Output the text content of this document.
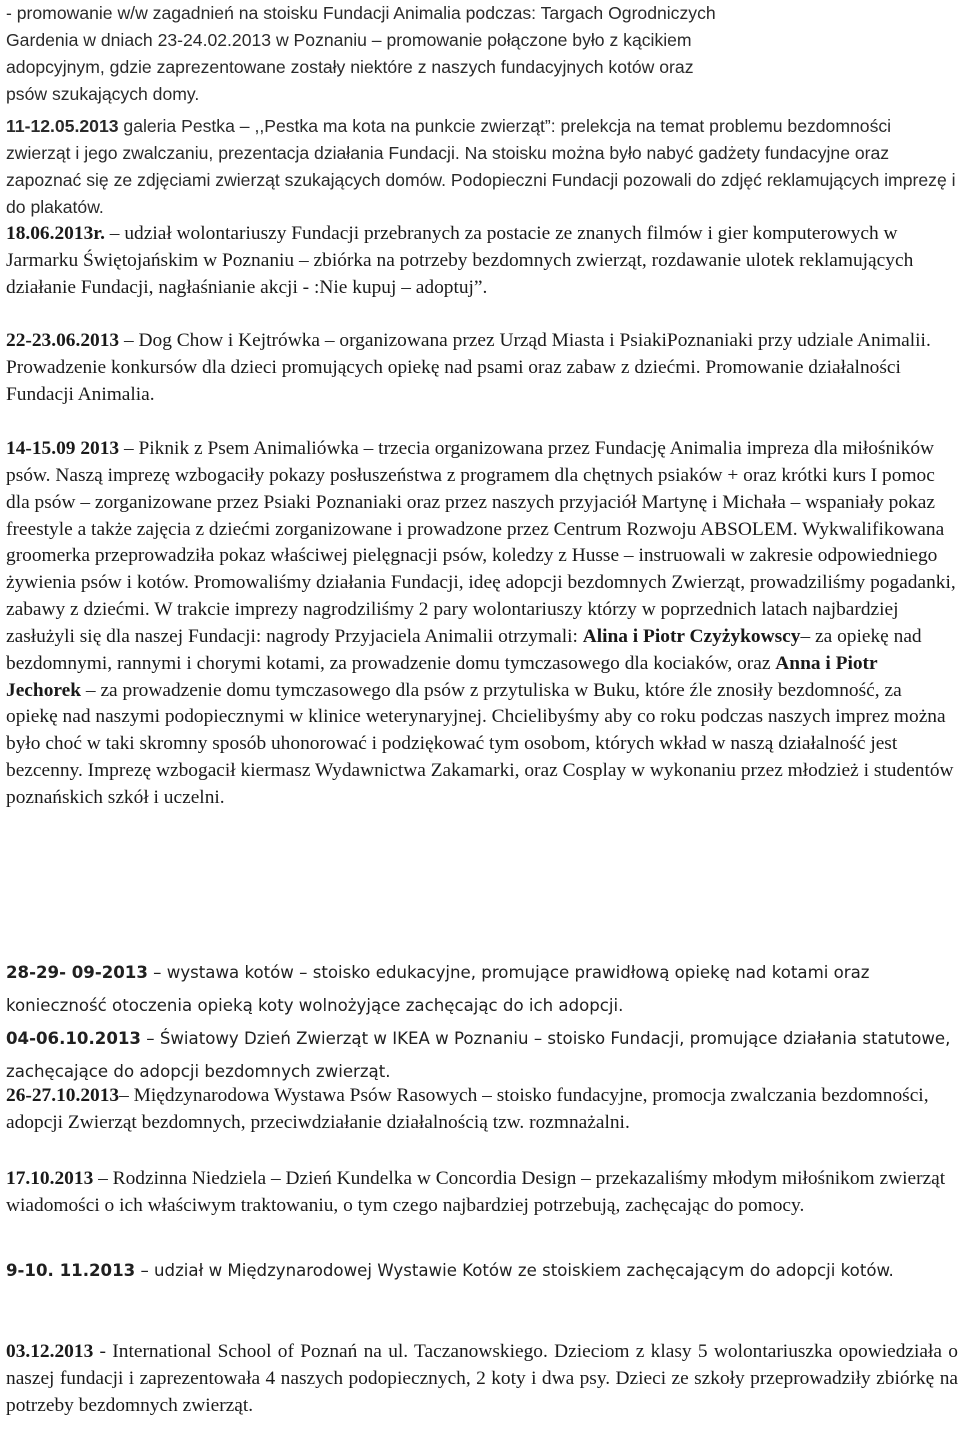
- promowanie w/w zagadnień na stoisku Fundacji Animalia podczas: Targach Ogrodniczych Gardenia w dniach 23-24.02.2013 w Poznaniu – promowanie połączone było z kącikiem adopcyjnym, gdzie zaprezentowane zostały niektóre z naszych fundacyjnych kotów oraz psów szukających domy.

11-12.05.2013 galeria Pestka – ,,Pestka ma kota na punkcie zwierząt”: prelekcja na temat problemu bezdomności zwierząt i jego zwalczaniu, prezentacja działania Fundacji. Na stoisku można było nabyć gadżety fundacyjne oraz zapoznać się ze zdjęciami zwierząt szukających domów. Podopieczni Fundacji pozowali do zdjęć reklamujących imprezę i do plakatów.

18.06.2013r. – udział wolontariuszy Fundacji przebranych za postacie ze znanych filmów i gier komputerowych w Jarmarku Świętojańskim w Poznaniu – zbiórka na potrzeby bezdomnych zwierząt, rozdawanie ulotek reklamujących działanie Fundacji, nagłaśnianie akcji - :Nie kupuj – adoptuj”.

22-23.06.2013 – Dog Chow i Kejtrówka – organizowana przez Urząd Miasta i PsiakiPoznaniaki przy udziale Animalii. Prowadzenie konkursów dla dzieci promujących opiekę nad psami oraz zabaw z dziećmi. Promowanie działalności Fundacji Animalia.

14-15.09 2013 – Piknik z Psem Animaliówka – trzecia organizowana przez Fundację Animalia impreza dla miłośników psów. Naszą imprezę wzbogaciły pokazy posłuszeństwa z programem dla chętnych psiaków + oraz krótki kurs I pomoc dla psów – zorganizowane przez Psiaki Poznaniaki oraz przez naszych przyjaciół Martynę i Michała – wspaniały pokaz freestyle a także zajęcia z dziećmi zorganizowane i prowadzone przez Centrum Rozwoju ABSOLEM. Wykwalifikowana groomerka przeprowadziła pokaz właściwej pielęgnacji psów, koledzy z Husse – instruowali w zakresie odpowiedniego żywienia psów i kotów. Promowaliśmy działania Fundacji, ideę adopcji bezdomnych Zwierząt, prowadziliśmy pogadanki, zabawy z dziećmi. W trakcie imprezy nagrodziliśmy 2 pary wolontariuszy którzy w poprzednich latach najbardziej zasłużyli się dla naszej Fundacji: nagrody Przyjaciela Animalii otrzymali: Alina i Piotr Czyżykowscy– za opiekę nad bezdomnymi, rannymi i chorymi kotami, za prowadzenie domu tymczasowego dla kociaków, oraz Anna i Piotr Jechorek – za prowadzenie domu tymczasowego dla psów z przytuliska w Buku, które źle znosiły bezdomność, za opiekę nad naszymi podopiecznymi w klinice weterynaryjnej. Chcielibyśmy aby co roku podczas naszych imprez można było choć w taki skromny sposób uhonorować i podziękować tym osobom, których wkład w naszą działalność jest bezcenny. Imprezę wzbogacił kiermasz Wydawnictwa Zakamarki, oraz Cosplay w wykonaniu przez młodzież i studentów poznańskich szkół i uczelni.

28-29- 09-2013 – wystawa kotów – stoisko edukacyjne, promujące prawidłową opiekę nad kotami oraz konieczność otoczenia opieką koty wolnożyjące zachęcając do ich adopcji.

04-06.10.2013 – Światowy Dzień Zwierząt w IKEA w Poznaniu – stoisko Fundacji, promujące działania statutowe, zachęcające do adopcji bezdomnych zwierząt.

26-27.10.2013– Międzynarodowa Wystawa Psów Rasowych – stoisko fundacyjne, promocja zwalczania bezdomności, adopcji Zwierząt bezdomnych, przeciwdziałanie działalnością tzw. rozmnażalni.

17.10.2013 – Rodzinna Niedziela – Dzień Kundelka w Concordia Design – przekazaliśmy młodym miłośnikom zwierząt wiadomości o ich właściwym traktowaniu, o tym czego najbardziej potrzebują, zachęcając do pomocy.

9-10. 11.2013 – udział w Międzynarodowej Wystawie Kotów ze stoiskiem zachęcającym do adopcji kotów.

03.12.2013 - International School of Poznań na ul. Taczanowskiego. Dzieciom z klasy 5 wolontariuszka opowiedziała o naszej fundacji i zaprezentowała 4 naszych podopiecznych, 2 koty i dwa psy. Dzieci ze szkoły przeprowadziły zbiórkę na potrzeby bezdomnych zwierząt.
